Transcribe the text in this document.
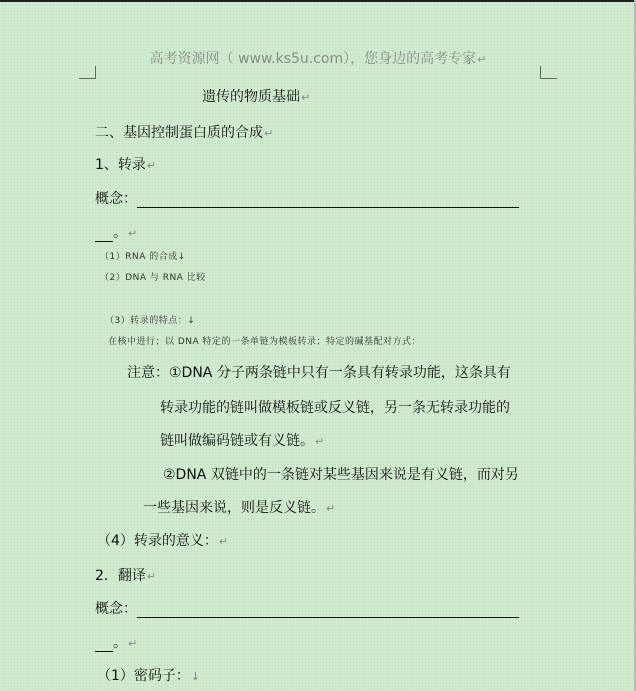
高考资源网（ www.ks5u.com），您身边的高考专家↵
遗传的物质基础↵
二、基因控制蛋白质的合成↵
1、转录↵
概念：
。↵
（1）RNA 的合成↓
（2）DNA 与 RNA 比较
（3）转录的特点：↓
在核中进行；以 DNA 特定的一条单链为模板转录；特定的碱基配对方式：
注意：①DNA 分子两条链中只有一条具有转录功能，这条具有
转录功能的链叫做模板链或反义链，另一条无转录功能的
链叫做编码链或有义链。↵
②DNA 双链中的一条链对某些基因来说是有义链，而对另
一些基因来说，则是反义链。↵
（4）转录的意义：↵
2．翻译↵
概念：
。↵
（1）密码子：↓
